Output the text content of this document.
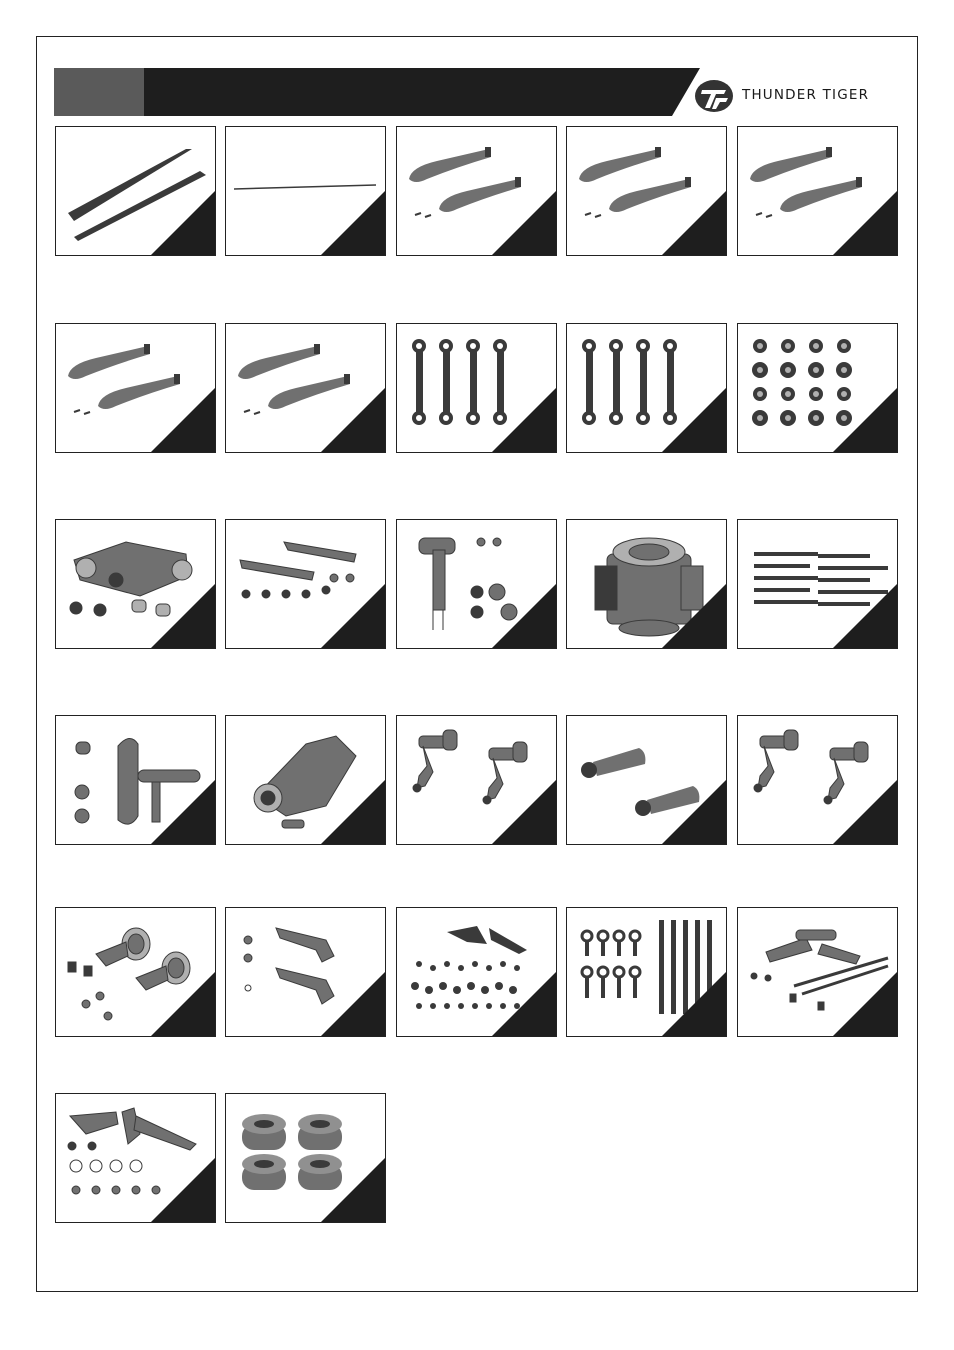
THUNDER TIGER
